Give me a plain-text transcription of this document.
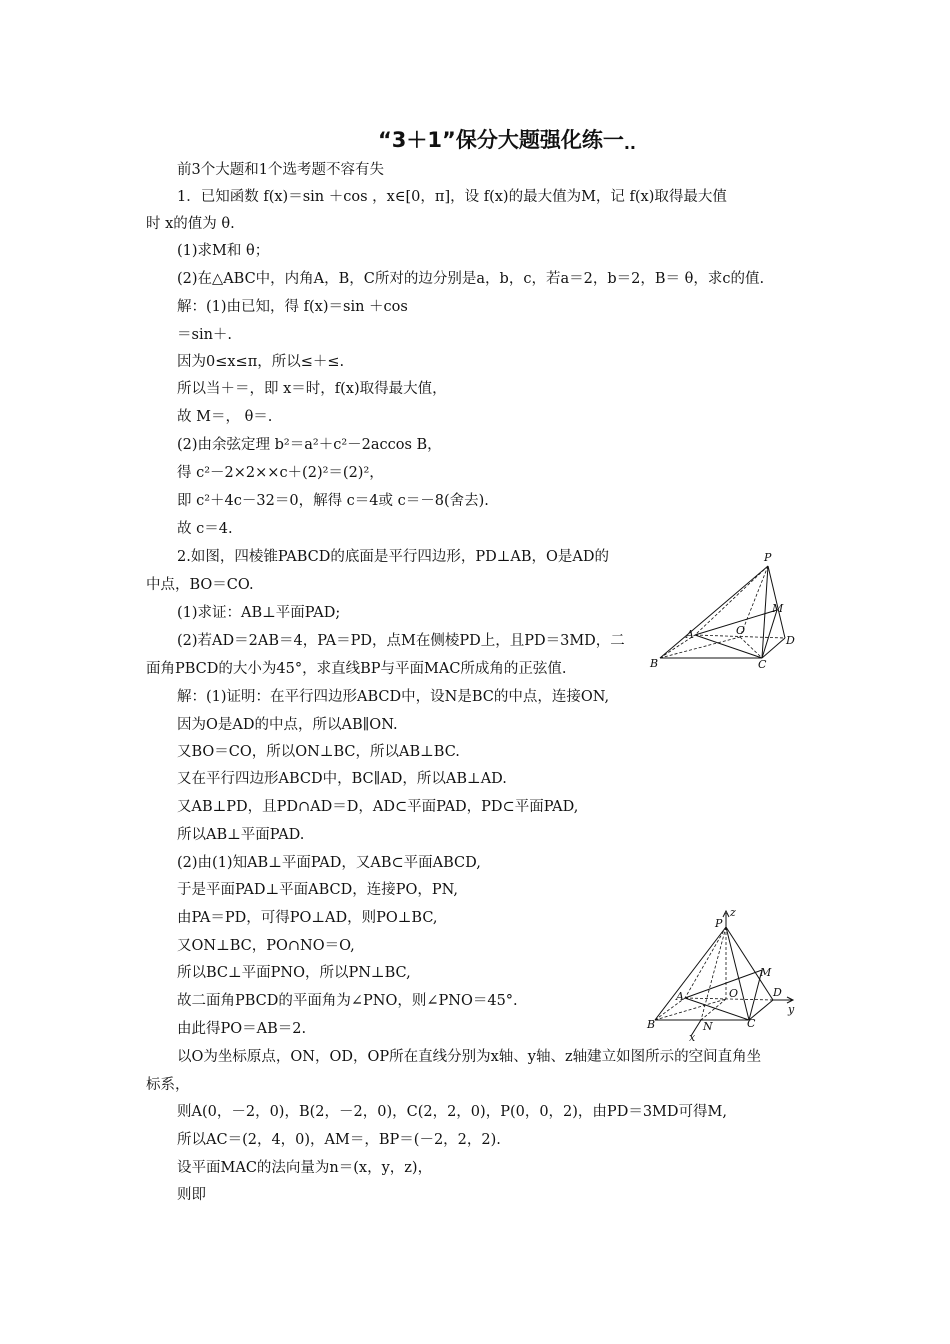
“3＋1”保分大题强化练一..
前3个大题和1个选考题不容有失
1．已知函数 f(x)＝sin ＋cos ，x∈[0，π]，设 f(x)的最大值为M，记 f(x)取得最大值
时 x的值为 θ.
(1)求M和 θ；
(2)在△ABC中，内角A，B，C所对的边分别是a，b，c，若a＝2，b＝2，B＝ θ，求c的值.
解：(1)由已知，得 f(x)＝sin ＋cos
＝sin＋.
因为0≤x≤π，所以≤＋≤.
所以当＋＝，即 x＝时，f(x)取得最大值，
故 M＝， θ＝.
(2)由余弦定理 b²＝a²＋c²－2accos B，
得 c²－2×2××c＋(2)²＝(2)²，
即 c²＋4c－32＝0，解得 c＝4或 c＝－8(舍去).
故 c＝4.
2.如图，四棱锥PABCD的底面是平行四边形，PD⊥AB，O是AD的
中点，BO＝CO.
(1)求证：AB⊥平面PAD;
(2)若AD＝2AB＝4，PA＝PD，点M在侧棱PD上，且PD＝3MD，二
面角PBCD的大小为45°，求直线BP与平面MAC所成角的正弦值.
解：(1)证明：在平行四边形ABCD中，设N是BC的中点，连接ON,
因为O是AD的中点，所以AB∥ON.
又BO＝CO，所以ON⊥BC，所以AB⊥BC.
又在平行四边形ABCD中，BC∥AD，所以AB⊥AD.
又AB⊥PD，且PD∩AD＝D，AD⊂平面PAD，PD⊂平面PAD,
所以AB⊥平面PAD.
(2)由(1)知AB⊥平面PAD，又AB⊂平面ABCD,
于是平面PAD⊥平面ABCD，连接PO，PN,
由PA＝PD，可得PO⊥AD，则PO⊥BC,
又ON⊥BC，PO∩NO＝O,
所以BC⊥平面PNO，所以PN⊥BC,
故二面角PBCD的平面角为∠PNO，则∠PNO＝45°.
由此得PO＝AB＝2.
以O为坐标原点，ON，OD，OP所在直线分别为x轴、y轴、z轴建立如图所示的空间直角坐
标系，
则A(0，－2，0)，B(2，－2，0)，C(2，2，0)，P(0，0，2)，由PD＝3MD可得M,
所以AC＝(2，4，0)，AM＝，BP＝(－2，2，2).
设平面MAC的法向量为n＝(x，y，z)，
则即
P
M
A	O
D
B	C
z
P
M
A	O	D
y
B	N	C
x
